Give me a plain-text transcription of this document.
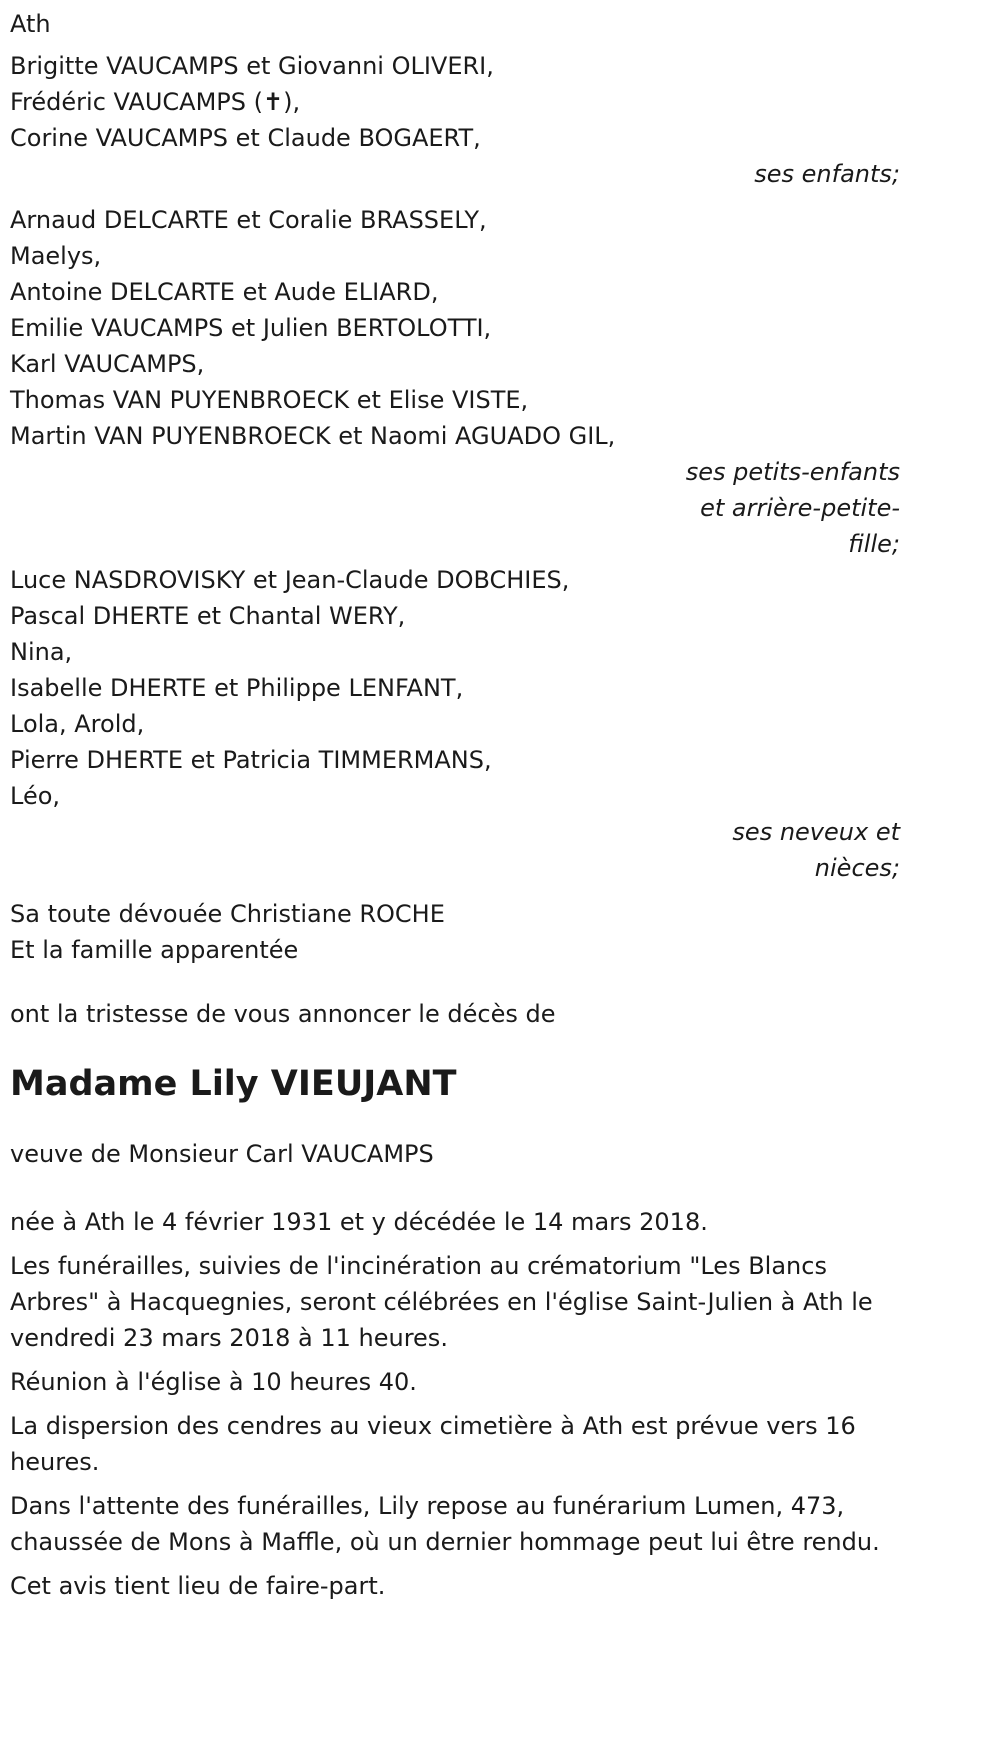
Ath
Brigitte VAUCAMPS et Giovanni OLIVERI,
Frédéric VAUCAMPS (✝),
Corine VAUCAMPS et Claude BOGAERT,
ses enfants;
Arnaud DELCARTE et Coralie BRASSELY,
Maelys,
Antoine DELCARTE et Aude ELIARD,
Emilie VAUCAMPS et Julien BERTOLOTTI,
Karl VAUCAMPS,
Thomas VAN PUYENBROECK et Elise VISTE,
Martin VAN PUYENBROECK et Naomi AGUADO GIL,
ses petits-enfants et arrière-petite-fille;
Luce NASDROVISKY et Jean-Claude DOBCHIES,
Pascal DHERTE et Chantal WERY,
Nina,
Isabelle DHERTE et Philippe LENFANT,
Lola, Arold,
Pierre DHERTE et Patricia TIMMERMANS,
Léo,
ses neveux et nièces;
Sa toute dévouée Christiane ROCHE
Et la famille apparentée
ont la tristesse de vous annoncer le décès de
Madame Lily VIEUJANT
veuve de Monsieur Carl VAUCAMPS
née à Ath le 4 février 1931 et y décédée le 14 mars 2018.
Les funérailles, suivies de l'incinération au crématorium "Les Blancs Arbres" à Hacquegnies, seront célébrées en l'église Saint-Julien à Ath le vendredi 23 mars 2018 à 11 heures.
Réunion à l'église à 10 heures 40.
La dispersion des cendres au vieux cimetière à Ath est prévue vers 16 heures.
Dans l'attente des funérailles, Lily repose au funérarium Lumen, 473, chaussée de Mons à Maffle, où un dernier hommage peut lui être rendu.
Cet avis tient lieu de faire-part.
